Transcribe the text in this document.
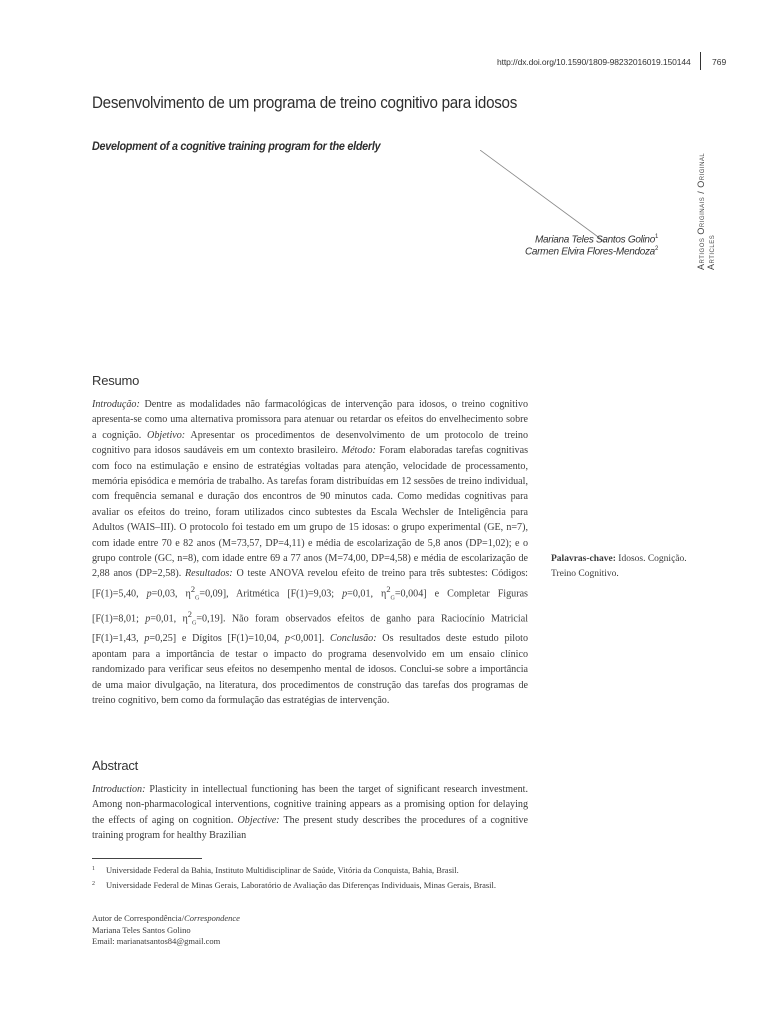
http://dx.doi.org/10.1590/1809-98232016019.150144	769
Artigos Originais / Original Articles
Desenvolvimento de um programa de treino cognitivo para idosos
Development of a cognitive training program for the elderly
Mariana Teles Santos Golino$^1$
Carmen Elvira Flores-Mendoza$^2$
Resumo

Introdução: Dentre as modalidades não farmacológicas de intervenção para idosos, o treino cognitivo apresenta-se como uma alternativa promissora para atenuar ou retardar os efeitos do envelhecimento sobre a cognição. Objetivo: Apresentar os procedimentos de desenvolvimento de um protocolo de treino cognitivo para idosos saudáveis em um contexto brasileiro. Método: Foram elaboradas tarefas cognitivas com foco na estimulação e ensino de estratégias voltadas para atenção, velocidade de processamento, memória episódica e memória de trabalho. As tarefas foram distribuídas em 12 sessões de treino individual, com frequência semanal e duração dos encontros de 90 minutos cada. Como medidas cognitivas para avaliar os efeitos do treino, foram utilizados cinco subtestes da Escala Wechsler de Inteligência para Adultos (WAIS–III). O protocolo foi testado em um grupo de 15 idosas: o grupo experimental (GE, n=7), com idade entre 70 e 82 anos (M=73,57, DP=4,11) e média de escolarização de 5,8 anos (DP=1,02); e o grupo controle (GC, n=8), com idade entre 69 a 77 anos (M=74,00, DP=4,58) e média de escolarização de 2,88 anos (DP=2,58). Resultados: O teste ANOVA revelou efeito de treino para três subtestes: Códigos: [F(1)=5,40, p=0,03, $\eta^2_G=0,09$], Aritmética [F(1)=9,03; p=0,01, $\eta^2_G=0,004$] e Completar Figuras [F(1)=8,01; p=0,01, $\eta^2_G=0,19$]. Não foram observados efeitos de ganho para Raciocínio Matricial [F(1)=1,43, p=0,25] e Dígitos [F(1)=10,04, p<0,001]. Conclusão: Os resultados deste estudo piloto apontam para a importância de testar o impacto do programa desenvolvido em um ensaio clínico randomizado para verificar seus efeitos no desempenho mental de idosos. Conclui-se sobre a importância de uma maior divulgação, na literatura, dos procedimentos de construção das tarefas dos programas de treino cognitivo, bem como da formulação das estratégias de intervenção.

Palavras-chave: Idosos. Cognição. Treino Cognitivo.

Abstract

Introduction: Plasticity in intellectual functioning has been the target of significant research investment. Among non-pharmacological interventions, cognitive training appears as a promising option for delaying the effects of aging on cognition. Objective: The present study describes the procedures of a cognitive training program for healthy Brazilian

1 Universidade Federal da Bahia, Instituto Multidisciplinar de Saúde, Vitória da Conquista, Bahia, Brasil.
2 Universidade Federal de Minas Gerais, Laboratório de Avaliação das Diferenças Individuais, Minas Gerais, Brasil.
Autor de Correspondência/Correspondence
Mariana Teles Santos Golino
Email: marianatsantos84@gmail.com
